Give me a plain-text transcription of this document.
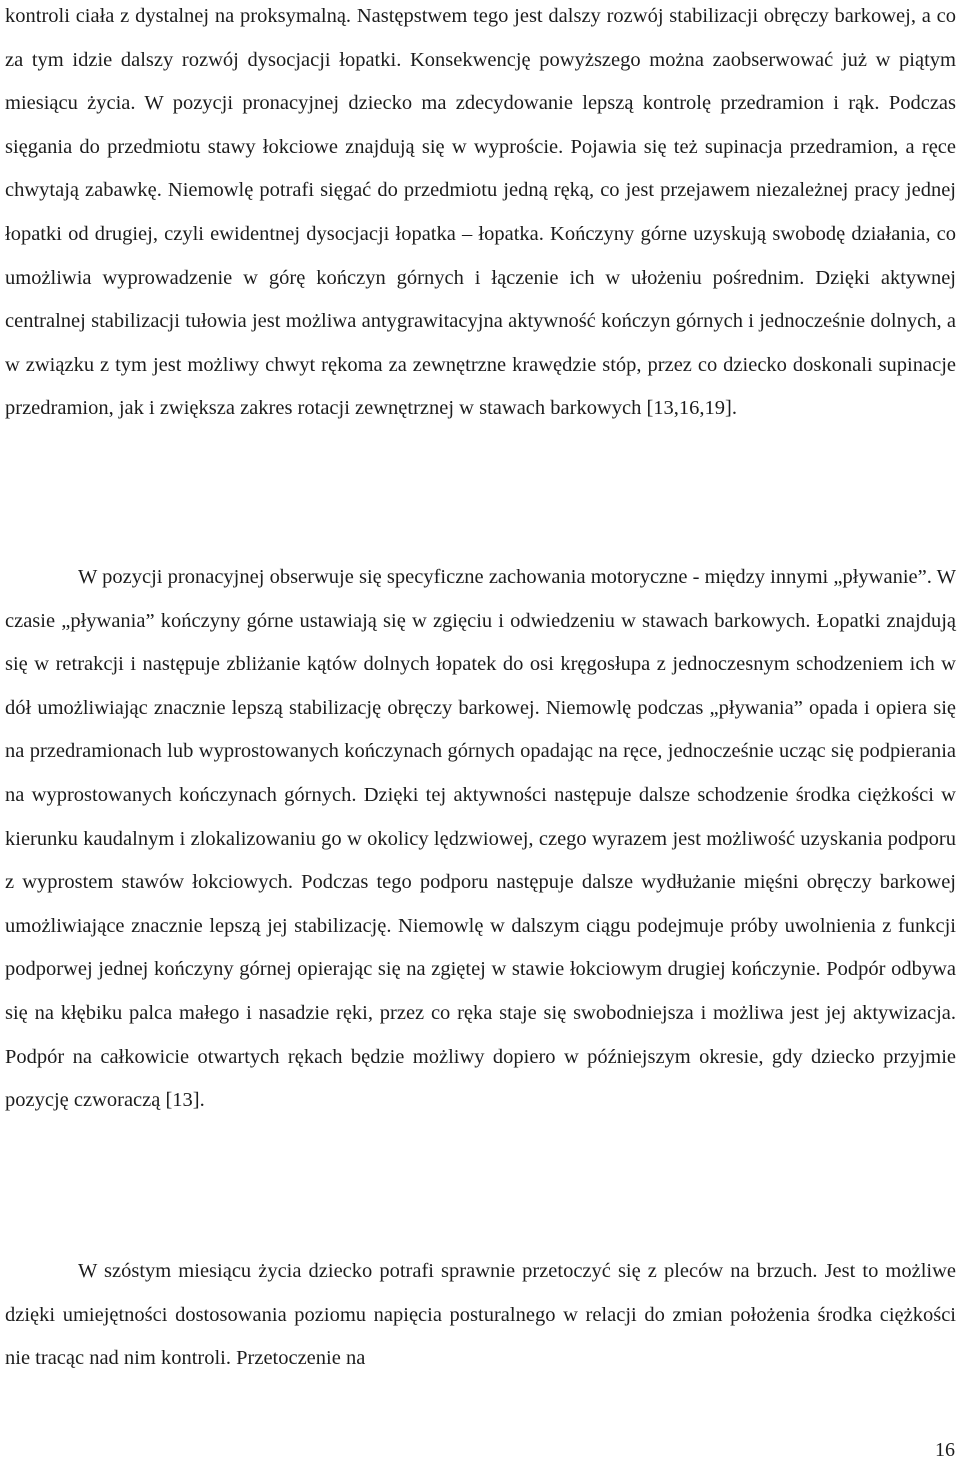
kontroli ciała z dystalnej na proksymalną. Następstwem tego jest dalszy rozwój stabilizacji obręczy barkowej, a co za tym idzie dalszy rozwój dysocjacji łopatki. Konsekwencję powyższego można zaobserwować już w piątym miesiącu życia. W pozycji pronacyjnej dziecko ma zdecydowanie lepszą kontrolę przedramion i rąk. Podczas sięgania do przedmiotu stawy łokciowe znajdują się w wyproście. Pojawia się też supinacja przedramion, a ręce chwytają zabawkę. Niemowlę potrafi sięgać do przedmiotu jedną ręką, co jest przejawem niezależnej pracy jednej łopatki od drugiej, czyli ewidentnej dysocjacji łopatka – łopatka. Kończyny górne uzyskują swobodę działania, co umożliwia wyprowadzenie w górę kończyn górnych i łączenie ich w ułożeniu pośrednim. Dzięki aktywnej centralnej stabilizacji tułowia jest możliwa antygrawitacyjna aktywność kończyn górnych i jednocześnie dolnych, a w związku z tym jest możliwy chwyt rękoma za zewnętrzne krawędzie stóp, przez co dziecko doskonali supinacje przedramion, jak i zwiększa zakres rotacji zewnętrznej w stawach barkowych [13,16,19].

W pozycji pronacyjnej obserwuje się specyficzne zachowania motoryczne - między innymi „pływanie”. W czasie „pływania” kończyny górne ustawiają się w zgięciu i odwiedzeniu w stawach barkowych. Łopatki znajdują się w retrakcji i następuje zbliżanie kątów dolnych łopatek do osi kręgosłupa z jednoczesnym schodzeniem ich w dół umożliwiając znacznie lepszą stabilizację obręczy barkowej. Niemowlę podczas „pływania” opada i opiera się na przedramionach lub wyprostowanych kończynach górnych opadając na ręce, jednocześnie ucząc się podpierania na wyprostowanych kończynach górnych. Dzięki tej aktywności następuje dalsze schodzenie środka ciężkości w kierunku kaudalnym i zlokalizowaniu go w okolicy lędzwiowej, czego wyrazem jest możliwość uzyskania podporu z wyprostem stawów łokciowych. Podczas tego podporu następuje dalsze wydłużanie mięśni obręczy barkowej umożliwiające znacznie lepszą jej stabilizację. Niemowlę w dalszym ciągu podejmuje próby uwolnienia z funkcji podporwej jednej kończyny górnej opierając się na zgiętej w stawie łokciowym drugiej kończynie. Podpór odbywa się na kłębiku palca małego i nasadzie ręki, przez co ręka staje się swobodniejsza i możliwa jest jej aktywizacja. Podpór na całkowicie otwartych rękach będzie możliwy dopiero w późniejszym okresie, gdy dziecko przyjmie pozycję czworaczą [13].

W szóstym miesiącu życia dziecko potrafi sprawnie przetoczyć się z pleców na brzuch. Jest to możliwe dzięki umiejętności dostosowania poziomu napięcia posturalnego w relacji do zmian położenia środka ciężkości nie tracąc nad nim kontroli. Przetoczenie na

16
